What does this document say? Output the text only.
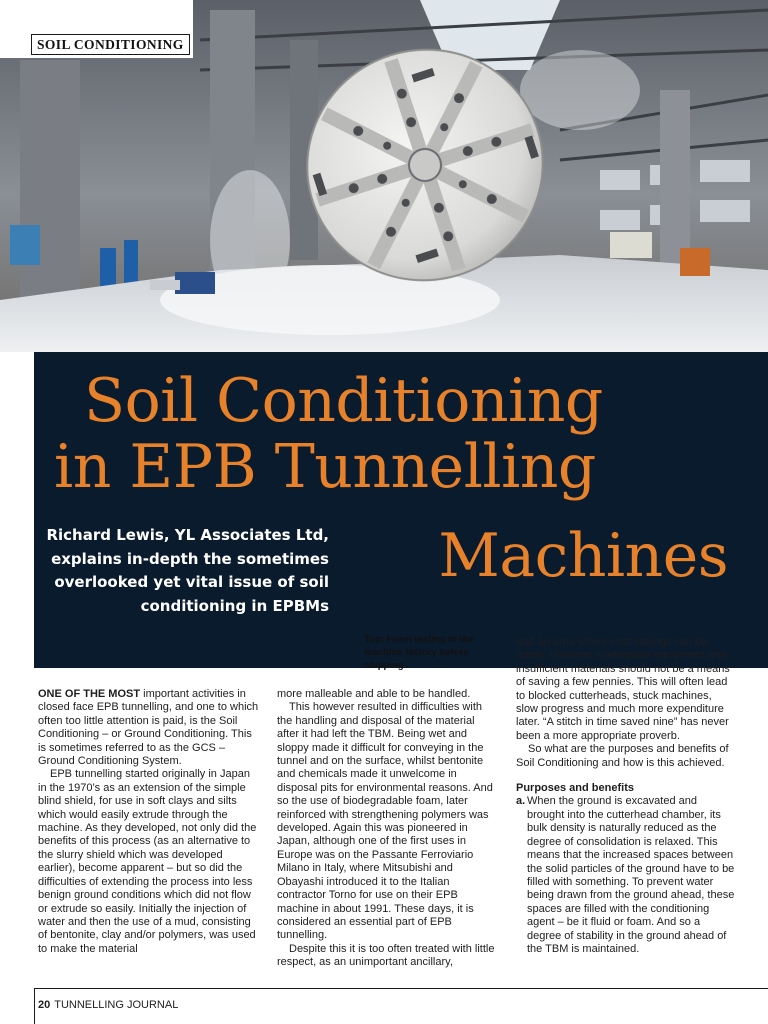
SOIL CONDITIONING
Soil Conditioning
in EPB Tunnelling
Machines
Richard Lewis, YL Associates Ltd, explains in-depth the sometimes overlooked yet vital issue of soil conditioning in EPBMs
Top: Foam testing in the machine factory before shipping

ONE OF THE MOST important activities in closed face EPB tunnelling, and one to which often too little attention is paid, is the Soil Conditioning – or Ground Conditioning. This is sometimes referred to as the GCS – Ground Conditioning System.

EPB tunnelling started originally in Japan in the 1970’s as an extension of the simple blind shield, for use in soft clays and silts which would easily extrude through the machine. As they developed, not only did the benefits of this process (as an alternative to the slurry shield which was developed earlier), become apparent – but so did the difficulties of extending the process into less benign ground conditions which did not flow or extrude so easily. Initially the injection of water and then the use of a mud, consisting of bentonite, clay and/or polymers, was used to make the material

more malleable and able to be handled.

This however resulted in difficulties with the handling and disposal of the material after it had left the TBM. Being wet and sloppy made it difficult for conveying in the tunnel and on the surface, whilst bentonite and chemicals made it unwelcome in disposal pits for environmental reasons. And so the use of biodegradable foam, later reinforced with strengthening polymers was developed. Again this was pioneered in Japan, although one of the first uses in Europe was on the Passante Ferroviario Milano in Italy, where Mitsubishi and Obayashi introduced it to the Italian contractor Torno for use on their EPB machine in about 1991. These days, it is considered an essential part of EPB tunnelling.

Despite this it is too often treated with little respect, as an unimportant ancillary,

and an area where cost savings can be made. However inadequate equipment and insufficient materials should not be a means of saving a few pennies. This will often lead to blocked cutterheads, stuck machines, slow progress and much more expenditure later. “A stitch in time saved nine” has never been a more appropriate proverb.

So what are the purposes and benefits of Soil Conditioning and how is this achieved.

Purposes and benefits

a. When the ground is excavated and brought into the cutterhead chamber, its bulk density is naturally reduced as the degree of consolidation is relaxed. This means that the increased spaces between the solid particles of the ground have to be filled with something. To prevent water being drawn from the ground ahead, these spaces are filled with the conditioning agent – be it fluid or foam. And so a degree of stability in the ground ahead of the TBM is maintained.

20 TUNNELLING JOURNAL
